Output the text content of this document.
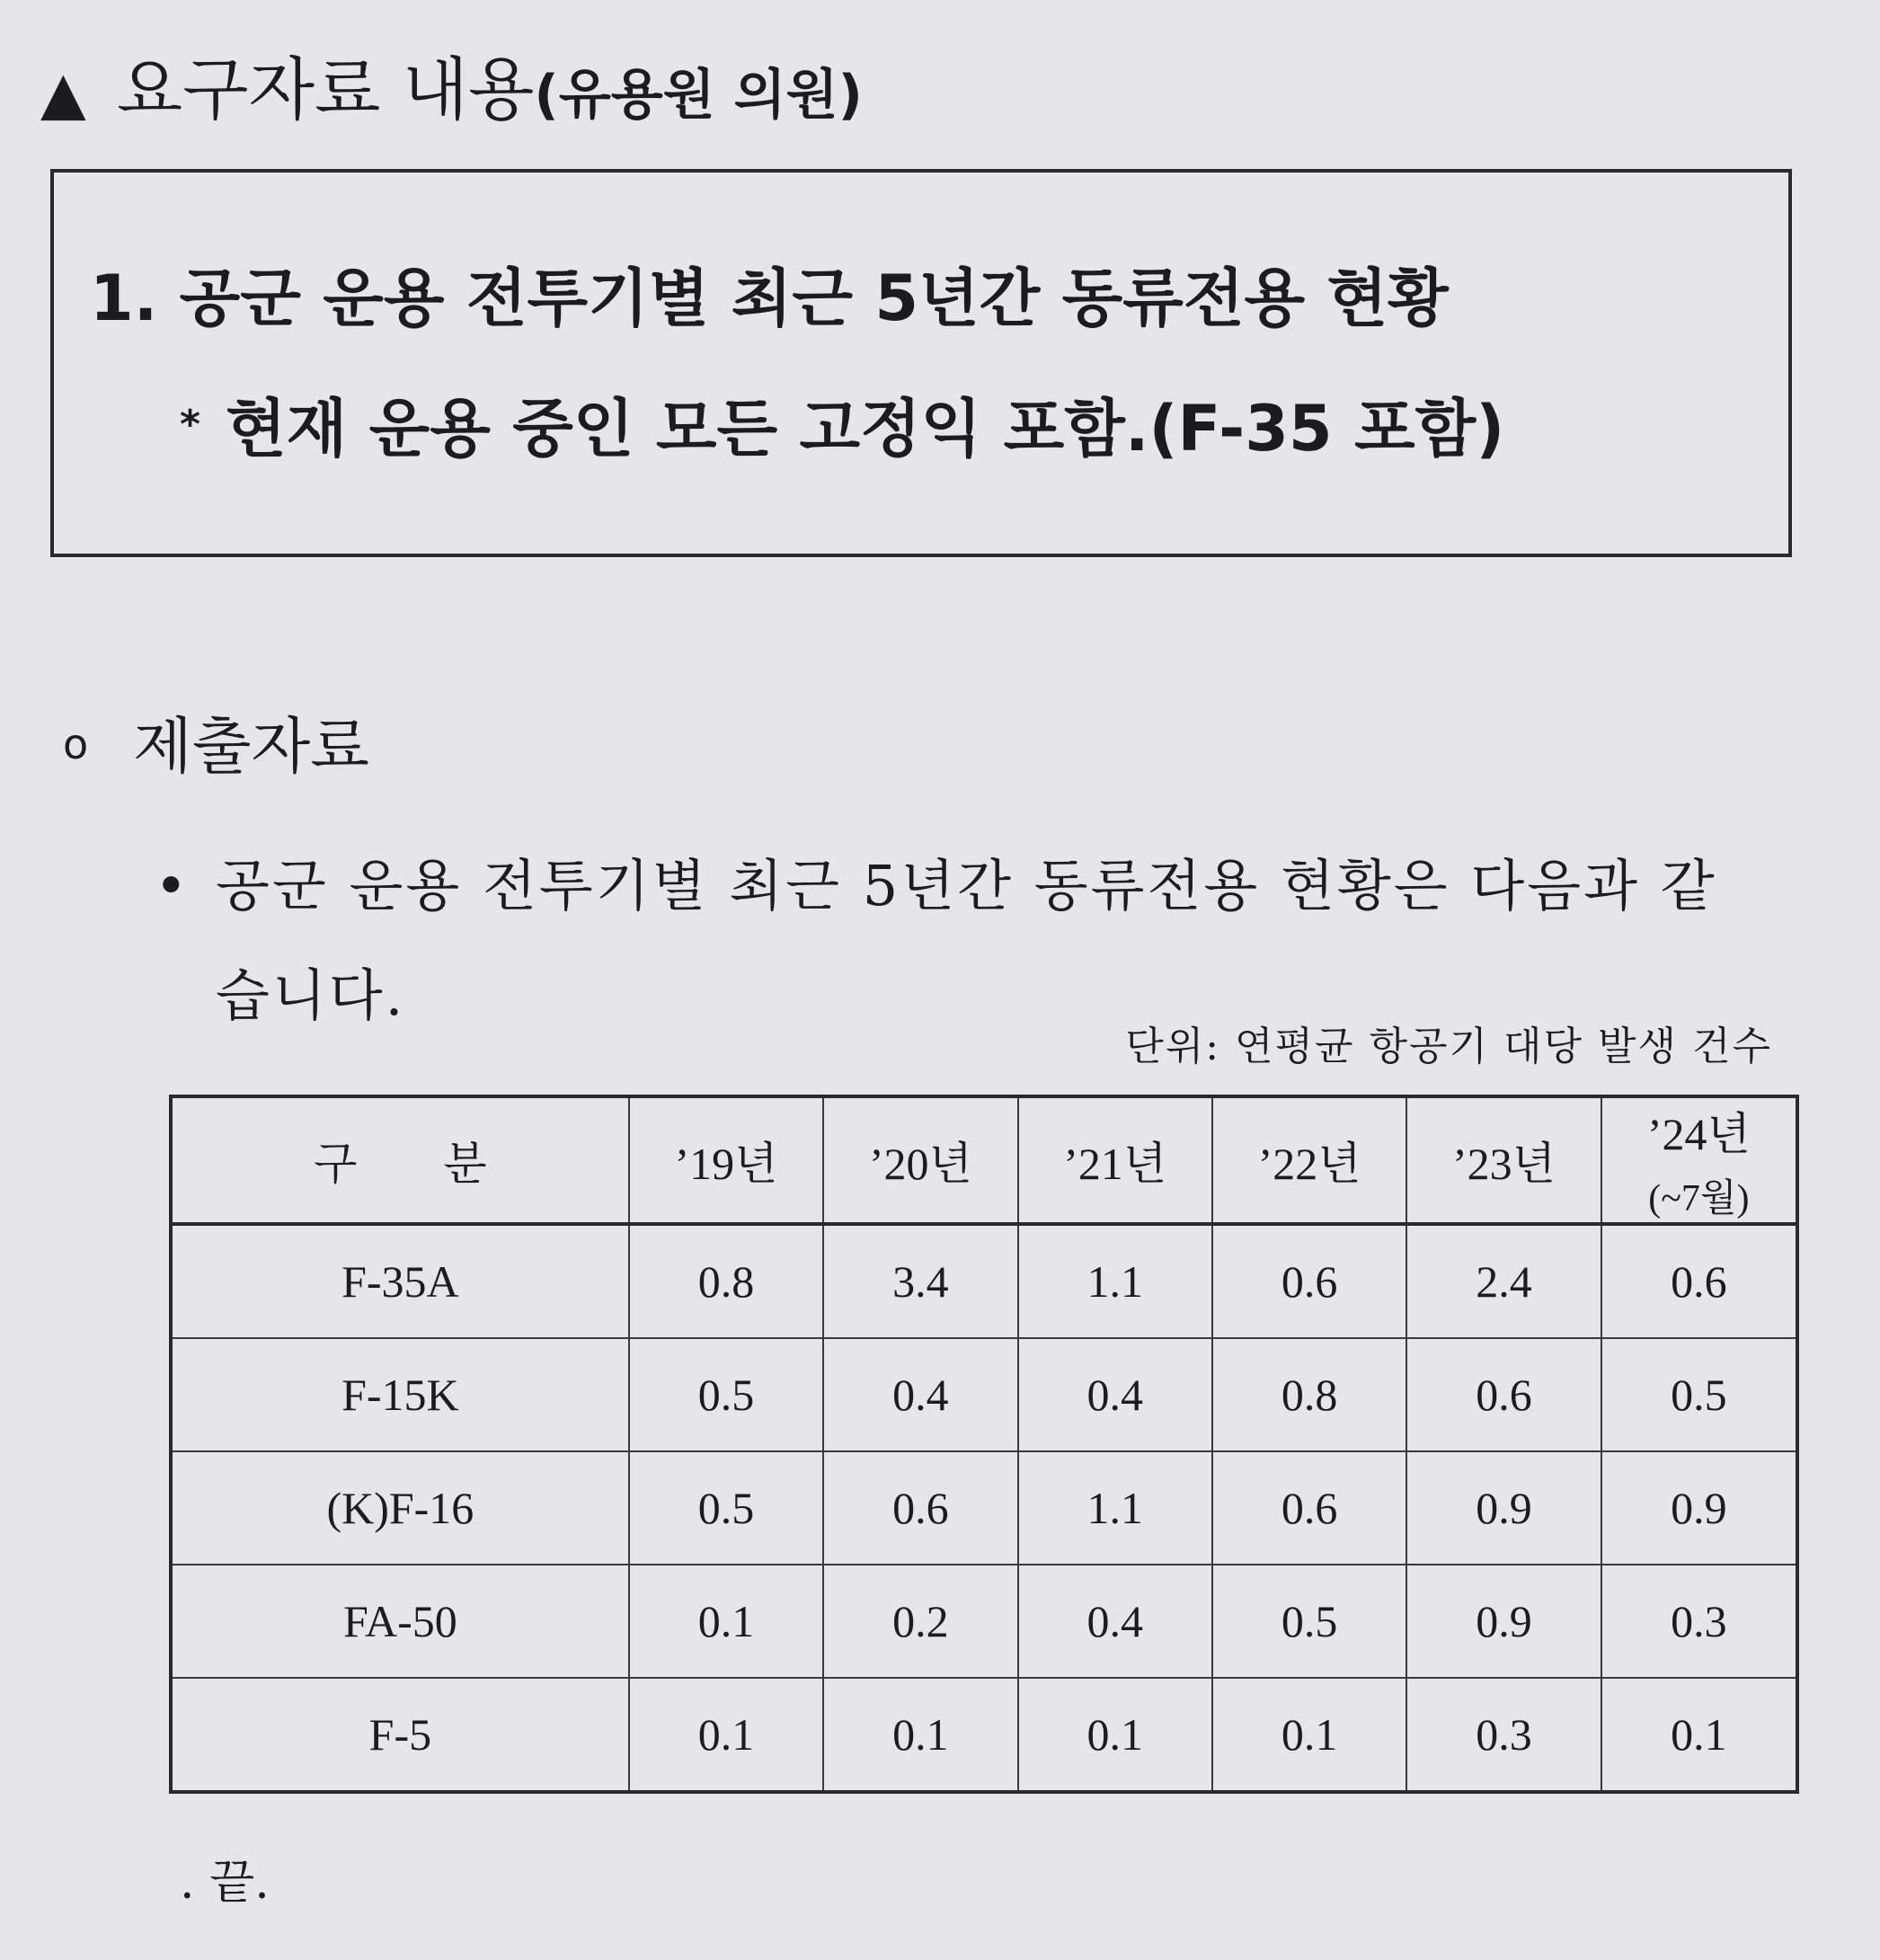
▲ 요구자료 내용(유용원 의원)
1. 공군 운용 전투기별 최근 5년간 동류전용 현황
* 현재 운용 중인 모든 고정익 포함.(F-35 포함)
o 제출자료
• 공군 운용 전투기별 최근 5년간 동류전용 현황은 다음과 같습니다.
단위: 연평균 항공기 대당 발생 건수
구 분	’19년	’20년	’21년	’22년	’23년	’24년
(~7월)

F-35A	0.8	3.4	1.1	0.6	2.4	0.6
F-15K	0.5	0.4	0.4	0.8	0.6	0.5
(K)F-16	0.5	0.6	1.1	0.6	0.9	0.9
FA-50	0.1	0.2	0.4	0.5	0.9	0.3
F-5	0.1	0.1	0.1	0.1	0.3	0.1
. 끝.
